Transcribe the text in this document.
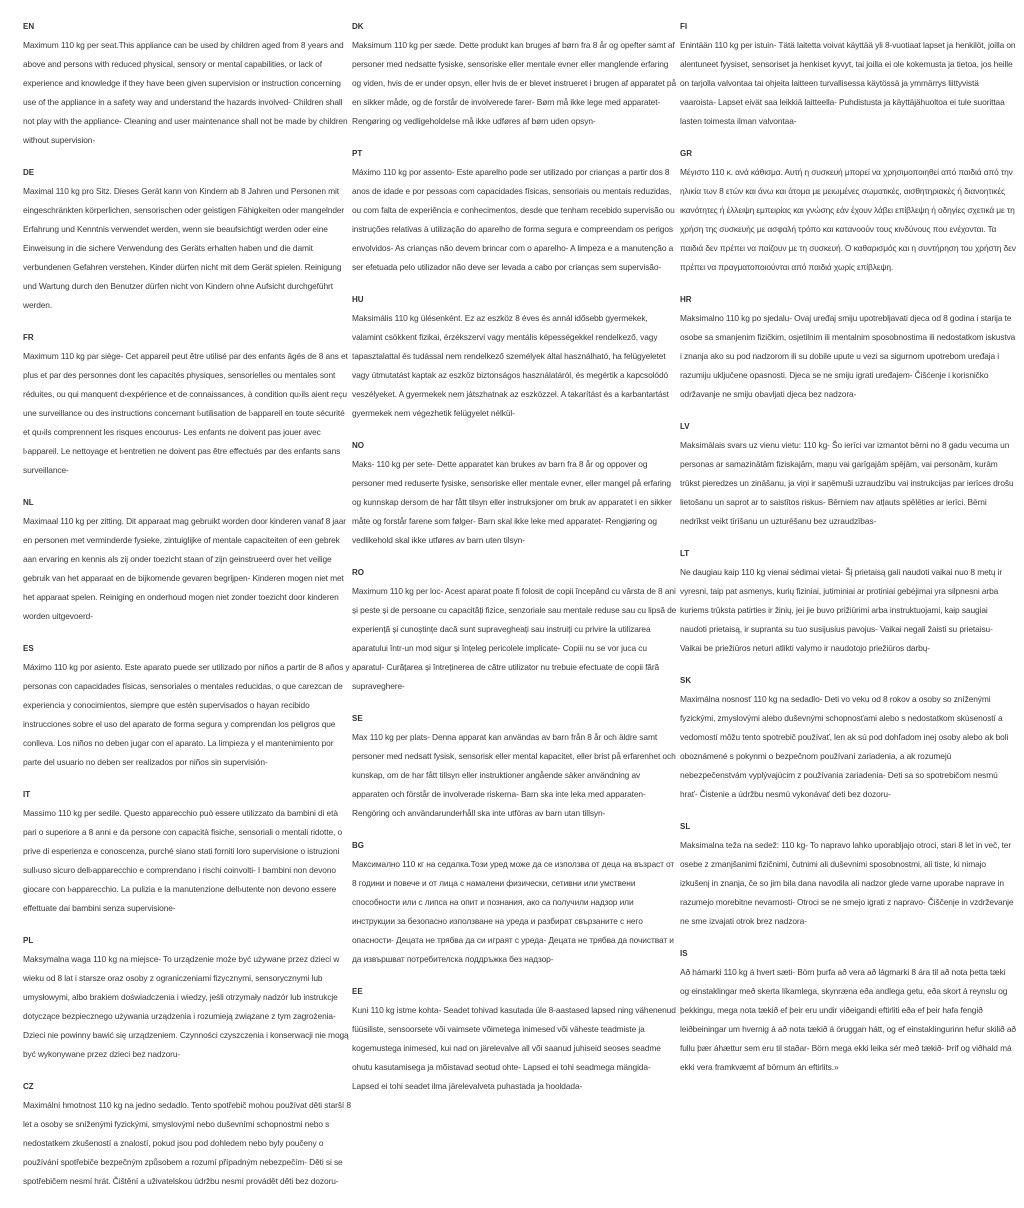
EN

Maximum 110 kg per seat.This appliance can be used by children aged from 8 years and above and persons with reduced physical, sensory or mental capabilities, or lack of experience and knowledge if they have been given supervision or instruction concerning use of the appliance in a safety way and understand the hazards involved- Children shall not play with the appliance- Cleaning and user maintenance shall not be made by children without supervision-

DE

Maximal 110 kg pro Sitz. Dieses Gerät kann von Kindern ab 8 Jahren und Personen mit eingeschränkten körperlichen, sensorischen oder geistigen Fähigkeiten oder mangelnder Erfahrung und Kenntnis verwendet werden, wenn sie beaufsichtigt werden oder eine Einweisung in die sichere Verwendung des Geräts erhalten haben und die damit verbundenen Gefahren verstehen. Kinder dürfen nicht mit dem Gerät spielen. Reinigung und Wartung durch den Benutzer dürfen nicht von Kindern ohne Aufsicht durchgeführt werden.

FR

Maximum 110 kg par siège- Cet appareil peut être utilisé par des enfants âgés de 8 ans et plus et par des personnes dont les capacités physiques, sensorielles ou mentales sont réduites, ou qui manquent d›expérience et de connaissances, à condition qu›ils aient reçu une surveillance ou des instructions concernant l›utilisation de l›appareil en toute sécurité et qu›ils comprennent les risques encourus- Les enfants ne doivent pas jouer avec l›appareil. Le nettoyage et l›entretien ne doivent pas être effectués par des enfants sans surveillance-

NL

Maximaal 110 kg per zitting. Dit apparaat mag gebruikt worden door kinderen vanaf 8 jaar en personen met verminderde fysieke, zintuiglijke of mentale capaciteiten of een gebrek aan ervaring en kennis als zij onder toezicht staan of zijn geinstrueerd over het veilige gebruik van het apparaat en de bijkomende gevaren begrijpen- Kinderen mogen niet met het apparaat spelen. Reiniging en onderhoud mogen niet zonder toezicht door kinderen worden uitgevoerd-

ES

Máximo 110 kg por asiento. Este aparato puede ser utilizado por niños a partir de 8 años y personas con capacidades físicas, sensoriales o mentales reducidas, o que carezcan de experiencia y conocimientos, siempre que estén supervisados o hayan recibido instrucciones sobre el uso del aparato de forma segura y comprendan los peligros que conlleva. Los niños no deben jugar con el aparato. La limpieza y el mantenimiento por parte del usuario no deben ser realizados por niños sin supervisión-

IT

Massimo 110 kg per sedile. Questo apparecchio può essere utilizzato da bambini di età pari o superiore a 8 anni e da persone con capacità fisiche, sensoriali o mentali ridotte, o prive di esperienza e conoscenza, purché siano stati forniti loro supervisione o istruzioni sull›uso sicuro dell›apparecchio e comprendano i rischi coinvolti- I bambini non devono giocare con l›apparecchio. La pulizia e la manutenzione dell›utente non devono essere effettuate dai bambini senza supervisione-

PL

Maksymalna waga 110 kg na miejsce- To urządzenie może być używane przez dzieci w wieku od 8 lat i starsze oraz osoby z ograniczeniami fizycznymi, sensorycznymi lub umysłowymi, albo brakiem doświadczenia i wiedzy, jeśli otrzymały nadzór lub instrukcje dotyczące bezpiecznego używania urządzenia i rozumieją związane z tym zagrożenia- Dzieci nie powinny bawić się urządzeniem. Czynności czyszczenia i konserwacji nie mogą być wykonywane przez dzieci bez nadzoru-

CZ

Maximální hmotnost 110 kg na jedno sedadlo. Tento spotřebič mohou používat děti starší 8 let a osoby se sníženými fyzickými, smyslovými nebo duševními schopnostmi nebo s nedostatkem zkušeností a znalostí, pokud jsou pod dohledem nebo byly poučeny o používání spotřebiče bezpečným způsobem a rozumí případným nebezpečím- Děti si se spotřebičem nesmí hrát. Čištění a uživatelskou údržbu nesmí provádět děti bez dozoru-

DK

Maksimum 110 kg per sæde. Dette produkt kan bruges af børn fra 8 år og opefter samt af personer med nedsatte fysiske, sensoriske eller mentale evner eller manglende erfaring og viden, hvis de er under opsyn, eller hvis de er blevet instrueret i brugen af apparatet på en sikker måde, og de forstår de involverede farer- Børn må ikke lege med apparatet- Rengøring og vedligeholdelse må ikke udføres af børn uden opsyn-

PT

Máximo 110 kg por assento- Este aparelho pode ser utilizado por crianças a partir dos 8 anos de idade e por pessoas com capacidades físicas, sensoriais ou mentais reduzidas, ou com falta de experiência e conhecimentos, desde que tenham recebido supervisão ou instruções relativas à utilização do aparelho de forma segura e compreendam os perigos envolvidos- As crianças não devem brincar com o aparelho- A limpeza e a manutenção a ser efetuada pelo utilizador não deve ser levada a cabo por crianças sem supervisão-

HU

Maksimális 110 kg ülésenként. Ez az eszköz 8 éves és annál idősebb gyermekek, valamint csökkent fizikai, érzékszervi vagy mentális képességekkel rendelkező, vagy tapasztalattal és tudással nem rendelkező személyek által használható, ha felügyeletet vagy útmutatást kaptak az eszköz biztonságos használatáról, és megértik a kapcsolódó veszélyeket. A gyermekek nem játszhatnak az eszközzel. A takarítást és a karbantartást gyermekek nem végezhetik felügyelet nélkül-

NO

Maks- 110 kg per sete- Dette apparatet kan brukes av barn fra 8 år og oppover og personer med reduserte fysiske, sensoriske eller mentale evner, eller mangel på erfaring og kunnskap dersom de har fått tilsyn eller instruksjoner om bruk av apparatet i en sikker måte og forstår farene som følger- Barn skal ikke leke med apparatet- Rengjøring og vedlikehold skal ikke utføres av barn uten tilsyn-

RO

Maximum 110 kg per loc- Acest aparat poate fi folosit de copii începând cu vârsta de 8 ani și peste și de persoane cu capacități fizice, senzoriale sau mentale reduse sau cu lipsă de experiență și cunoștințe dacă sunt supravegheați sau instruiți cu privire la utilizarea aparatului într-un mod sigur și înțeleg pericolele implicate- Copiii nu se vor juca cu aparatul- Curățarea și întreținerea de către utilizator nu trebuie efectuate de copii fără supraveghere-

SE

Max 110 kg per plats- Denna apparat kan användas av barn från 8 år och äldre samt personer med nedsatt fysisk, sensorisk eller mental kapacitet, eller brist på erfarenhet och kunskap, om de har fått tillsyn eller instruktioner angående säker användning av apparaten och förstår de involverade riskerna- Barn ska inte leka med apparaten- Rengöring och användarunderhåll ska inte utföras av barn utan tillsyn-

BG

Максимално 110 кг на седалка.Този уред може да се използва от деца на възраст от 8 години и повече и от лица с намалени физически, сетивни или умствени способности или с липса на опит и познания, ако са получили надзор или инструкции за безопасно използване на уреда и разбират свързаните с него опасности- Децата не трябва да си играят с уреда- Децата не трябва да почистват и да извършват потребителска поддръжка без надзор-

EE

Kuni 110 kg istme kohta- Seadet tohivad kasutada üle 8-aastased lapsed ning vähenenud füüsiliste, sensoorsete või vaimsete võimetega inimesed või väheste teadmiste ja kogemustega inimesed, kui nad on järelevalve all või saanud juhiseid seoses seadme ohutu kasutamisega ja mõistavad seotud ohte- Lapsed ei tohi seadmega mängida- Lapsed ei tohi seadet ilma järelevalveta puhastada ja hooldada-

FI

Enintään 110 kg per istuin- Tätä laitetta voivat käyttää yli 8-vuotiaat lapset ja henkilöt, joilla on alentuneet fyysiset, sensoriset ja henkiset kyvyt, tai joilla ei ole kokemusta ja tietoa, jos heille on tarjolla valvontaa tai ohjeita laitteen turvallisessa käytössä ja ymmärrys liittyvistä vaaroista- Lapset eivät saa leikkiä laitteella- Puhdistusta ja käyttäjähuoltoa ei tule suorittaa lasten toimesta ilman valvontaa-

GR

Μέγιστο 110 κ. ανά κάθισμα. Αυτή η συσκευή μπορεί να χρησιμοποιηθεί από παιδιά από την ηλικία των 8 ετών και άνω και άτομα με μειωμένες σωματικές, αισθητηριακές ή διανοητικές ικανότητες ή έλλειψη εμπειρίας και γνώσης εάν έχουν λάβει επίβλεψη ή οδηγίες σχετικά με τη χρήση της συσκευής με ασφαλή τρόπο και κατανοούν τους κινδύνους που ενέχονται. Τα παιδιά δεν πρέπει να παίζουν με τη συσκευή. Ο καθαρισμός και η συντήρηση του χρήστη δεν πρέπει να πραγματοποιούνται από παιδιά χωρίς επίβλεψη.

HR

Maksimalno 110 kg po sjedalu- Ovaj uređaj smiju upotrebljavati djeca od 8 godina i starija te osobe sa smanjenim fizičkim, osjetilnim ili mentalnim sposobnostima ili nedostatkom iskustva i znanja ako su pod nadzorom ili su dobile upute u vezi sa sigurnom upotrebom uređaja i razumiju uključene opasnosti. Djeca se ne smiju igrati uređajem- Čišćenje i korisničko održavanje ne smiju obavljati djeca bez nadzora-

LV

Maksimālais svars uz vienu vietu: 110 kg- Šo ierīci var izmantot bērni no 8 gadu vecuma un personas ar samazinātām fiziskajām, maņu vai garīgajām spējām, vai personām, kurām trūkst pieredzes un zināšanu, ja viņi ir saņēmuši uzraudzību vai instrukcijas par ierīces drošu lietošanu un saprot ar to saistītos riskus- Bērniem nav atļauts spēlēties ar ierīci. Bērni nedrīkst veikt tīrīšanu un uzturēšanu bez uzraudzības-

LT

Ne daugiau kaip 110 kg vienai sėdimai vietai- Šį prietaisą gali naudoti vaikai nuo 8 metų ir vyresni, taip pat asmenys, kurių fiziniai, jutiminiai ar protiniai gebėjimai yra silpnesni arba kuriems trūksta patirties ir žinių, jei jie buvo prižiūrimi arba instruktuojami, kaip saugiai naudoti prietaisą, ir supranta su tuo susijusius pavojus- Vaikai negali žaisti su prietaisu- Vaikai be priežiūros neturi atlikti valymo ir naudotojo priežiūros darbų-

SK

Maximálna nosnosť 110 kg na sedadlo- Deti vo veku od 8 rokov a osoby so zníženými fyzickými, zmyslovými alebo duševnými schopnosťami alebo s nedostatkom skúseností a vedomostí môžu tento spotrebič používať, len ak sú pod dohľadom inej osoby alebo ak boli oboznámené s pokynmi o bezpečnom používaní zariadenia, a ak rozumejú nebezpečenstvám vyplývajúcim z používania zariadenia- Deti sa so spotrebičom nesmú hrať- Čistenie a údržbu nesmú vykonávať deti bez dozoru-

SL

Maksimalna teža na sedež: 110 kg- To napravo lahko uporabljajo otroci, stari 8 let in več, ter osebe z zmanjšanimi fizičnimi, čutnimi ali duševnimi sposobnostmi, ali tiste, ki nimajo izkušenj in znanja, če so jim bila dana navodila ali nadzor glede varne uporabe naprave in razumejo morebitne nevarnosti- Otroci se ne smejo igrati z napravo- Čiščenje in vzdrževanje ne sme izvajati otrok brez nadzora-

IS

Að hámarki 110 kg á hvert sæti- Börn þurfa að vera að lágmarki 8 ára til að nota þetta tæki og einstaklingar með skerta líkamlega, skynræna eða andlega getu, eða skort á reynslu og þekkingu, mega nota tækið ef þeir eru undir viðeigandi eftirliti eða ef þeir hafa fengið leiðbeiningar um hvernig á að nota tækið á öruggan hátt, og ef einstaklingurinn hefur skilið að fullu þær áhættur sem eru til staðar- Börn mega ekki leika sér með tækið- Þrif og viðhald má ekki vera framkvæmt af börnum án eftirlits.»
